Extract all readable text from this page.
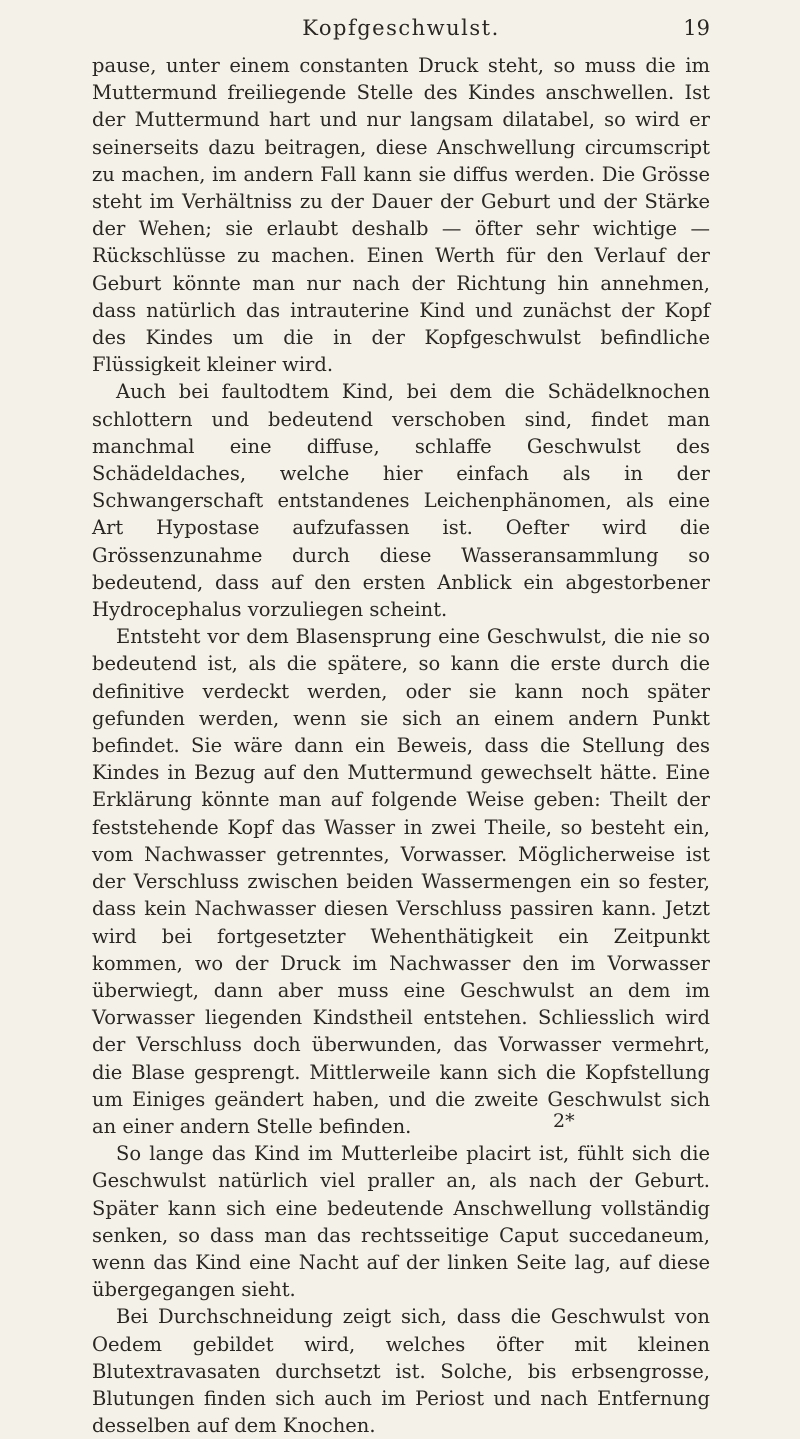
Kopfgeschwulst.	19

pause, unter einem constanten Druck steht, so muss die im Muttermund freiliegende Stelle des Kindes anschwellen. Ist der Muttermund hart und nur langsam dilatabel, so wird er seinerseits dazu beitragen, diese Anschwellung circumscript zu machen, im andern Fall kann sie diffus werden. Die Grösse steht im Verhältniss zu der Dauer der Geburt und der Stärke der Wehen; sie erlaubt deshalb — öfter sehr wichtige — Rückschlüsse zu machen. Einen Werth für den Verlauf der Geburt könnte man nur nach der Richtung hin annehmen, dass natürlich das intrauterine Kind und zunächst der Kopf des Kindes um die in der Kopfgeschwulst befindliche Flüssigkeit kleiner wird.

Auch bei faultodtem Kind, bei dem die Schädelknochen schlottern und bedeutend verschoben sind, findet man manchmal eine diffuse, schlaffe Geschwulst des Schädeldaches, welche hier einfach als in der Schwangerschaft entstandenes Leichenphänomen, als eine Art Hypostase aufzufassen ist. Oefter wird die Grössenzunahme durch diese Wasseransammlung so bedeutend, dass auf den ersten Anblick ein abgestorbener Hydrocephalus vorzuliegen scheint.

Entsteht vor dem Blasensprung eine Geschwulst, die nie so bedeutend ist, als die spätere, so kann die erste durch die definitive verdeckt werden, oder sie kann noch später gefunden werden, wenn sie sich an einem andern Punkt befindet. Sie wäre dann ein Beweis, dass die Stellung des Kindes in Bezug auf den Muttermund gewechselt hätte. Eine Erklärung könnte man auf folgende Weise geben: Theilt der feststehende Kopf das Wasser in zwei Theile, so besteht ein, vom Nachwasser getrenntes, Vorwasser. Möglicherweise ist der Verschluss zwischen beiden Wassermengen ein so fester, dass kein Nachwasser diesen Verschluss passiren kann. Jetzt wird bei fortgesetzter Wehenthätigkeit ein Zeitpunkt kommen, wo der Druck im Nachwasser den im Vorwasser überwiegt, dann aber muss eine Geschwulst an dem im Vorwasser liegenden Kindstheil entstehen. Schliesslich wird der Verschluss doch überwunden, das Vorwasser vermehrt, die Blase gesprengt. Mittlerweile kann sich die Kopfstellung um Einiges geändert haben, und die zweite Geschwulst sich an einer andern Stelle befinden.

So lange das Kind im Mutterleibe placirt ist, fühlt sich die Geschwulst natürlich viel praller an, als nach der Geburt. Später kann sich eine bedeutende Anschwellung vollständig senken, so dass man das rechtsseitige Caput succedaneum, wenn das Kind eine Nacht auf der linken Seite lag, auf diese übergegangen sieht.

Bei Durchschneidung zeigt sich, dass die Geschwulst von Oedem gebildet wird, welches öfter mit kleinen Blutextravasaten durchsetzt ist. Solche, bis erbsengrosse, Blutungen finden sich auch im Periost und nach Entfernung desselben auf dem Knochen.

2*
